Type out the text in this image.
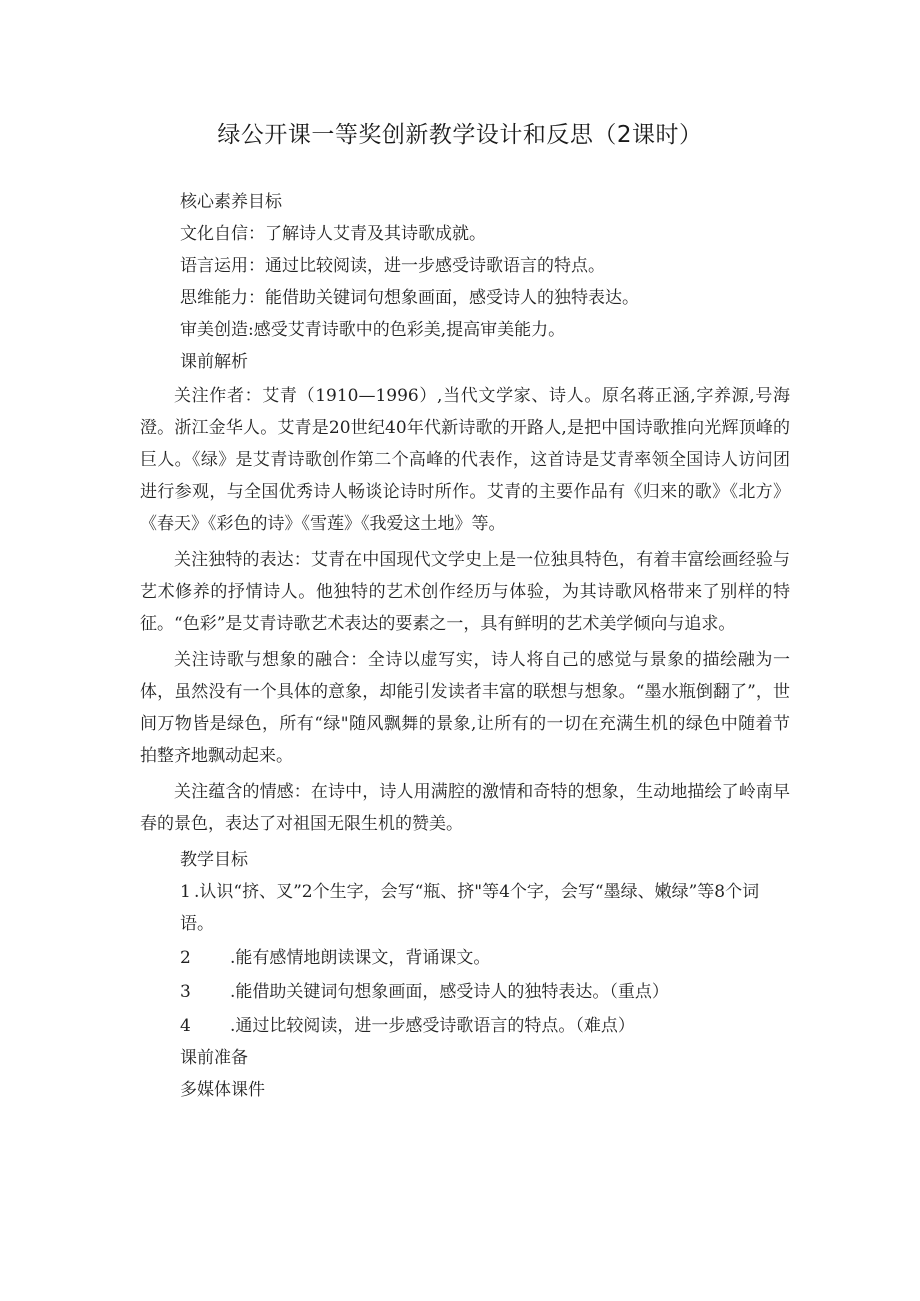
绿公开课一等奖创新教学设计和反思（2课时）
核心素养目标
文化自信：了解诗人艾青及其诗歌成就。
语言运用：通过比较阅读，进一步感受诗歌语言的特点。
思维能力：能借助关键词句想象画面，感受诗人的独特表达。
审美创造:感受艾青诗歌中的色彩美,提高审美能力。
课前解析
关注作者：艾青（1910—1996）,当代文学家、诗人。原名蒋正涵,字养源,号海澄。浙江金华人。艾青是20世纪40年代新诗歌的开路人,是把中国诗歌推向光辉顶峰的巨人。《绿》是艾青诗歌创作第二个高峰的代表作，这首诗是艾青率领全国诗人访问团进行参观，与全国优秀诗人畅谈论诗时所作。艾青的主要作品有《归来的歌》《北方》《春天》《彩色的诗》《雪莲》《我爱这土地》等。
关注独特的表达：艾青在中国现代文学史上是一位独具特色，有着丰富绘画经验与艺术修养的抒情诗人。他独特的艺术创作经历与体验，为其诗歌风格带来了别样的特征。“色彩”是艾青诗歌艺术表达的要素之一，具有鲜明的艺术美学倾向与追求。
关注诗歌与想象的融合：全诗以虚写实，诗人将自己的感觉与景象的描绘融为一体，虽然没有一个具体的意象，却能引发读者丰富的联想与想象。“墨水瓶倒翻了”，世间万物皆是绿色，所有“绿"随风飘舞的景象,让所有的一切在充满生机的绿色中随着节拍整齐地飘动起来。
关注蕴含的情感：在诗中，诗人用满腔的激情和奇特的想象，生动地描绘了岭南早春的景色，表达了对祖国无限生机的赞美。
教学目标
1 .认识“挤、叉”2个生字，会写“瓶、挤"等4个字，会写“墨绿、嫩绿”等8个词语。
2 .能有感情地朗读课文，背诵课文。
3 .能借助关键词句想象画面，感受诗人的独特表达。（重点）
4 .通过比较阅读，进一步感受诗歌语言的特点。（难点）
课前准备
多媒体课件
